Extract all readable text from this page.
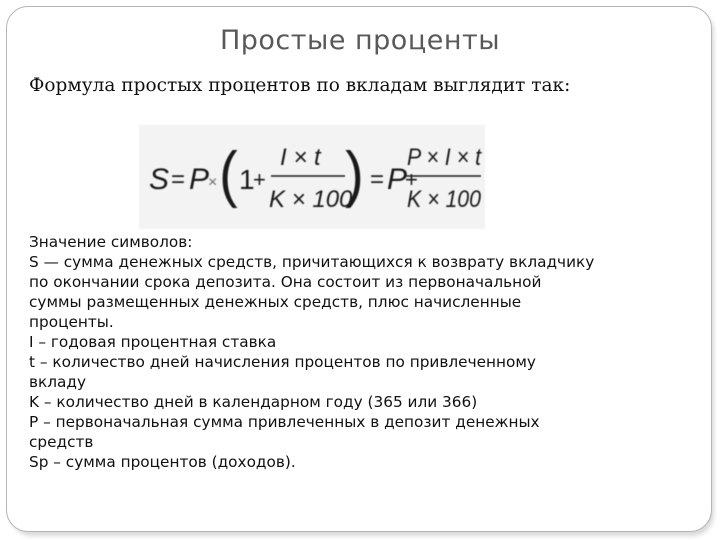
Простые проценты
Формула простых процентов по вкладам выглядит так:
S = P
× ( 1
+
I × t
K × 100
) = P
+
P × I × t
K × 100
Значение символов:
S — сумма денежных средств, причитающихся к возврату вкладчику
по окончании срока депозита. Она состоит из первоначальной
суммы размещенных денежных средств, плюс начисленные
проценты.
I – годовая процентная ставка
t – количество дней начисления процентов по привлеченному
вкладу
K – количество дней в календарном году (365 или 366)
P – первоначальная сумма привлеченных в депозит денежных
средств
Sp – сумма процентов (доходов).
